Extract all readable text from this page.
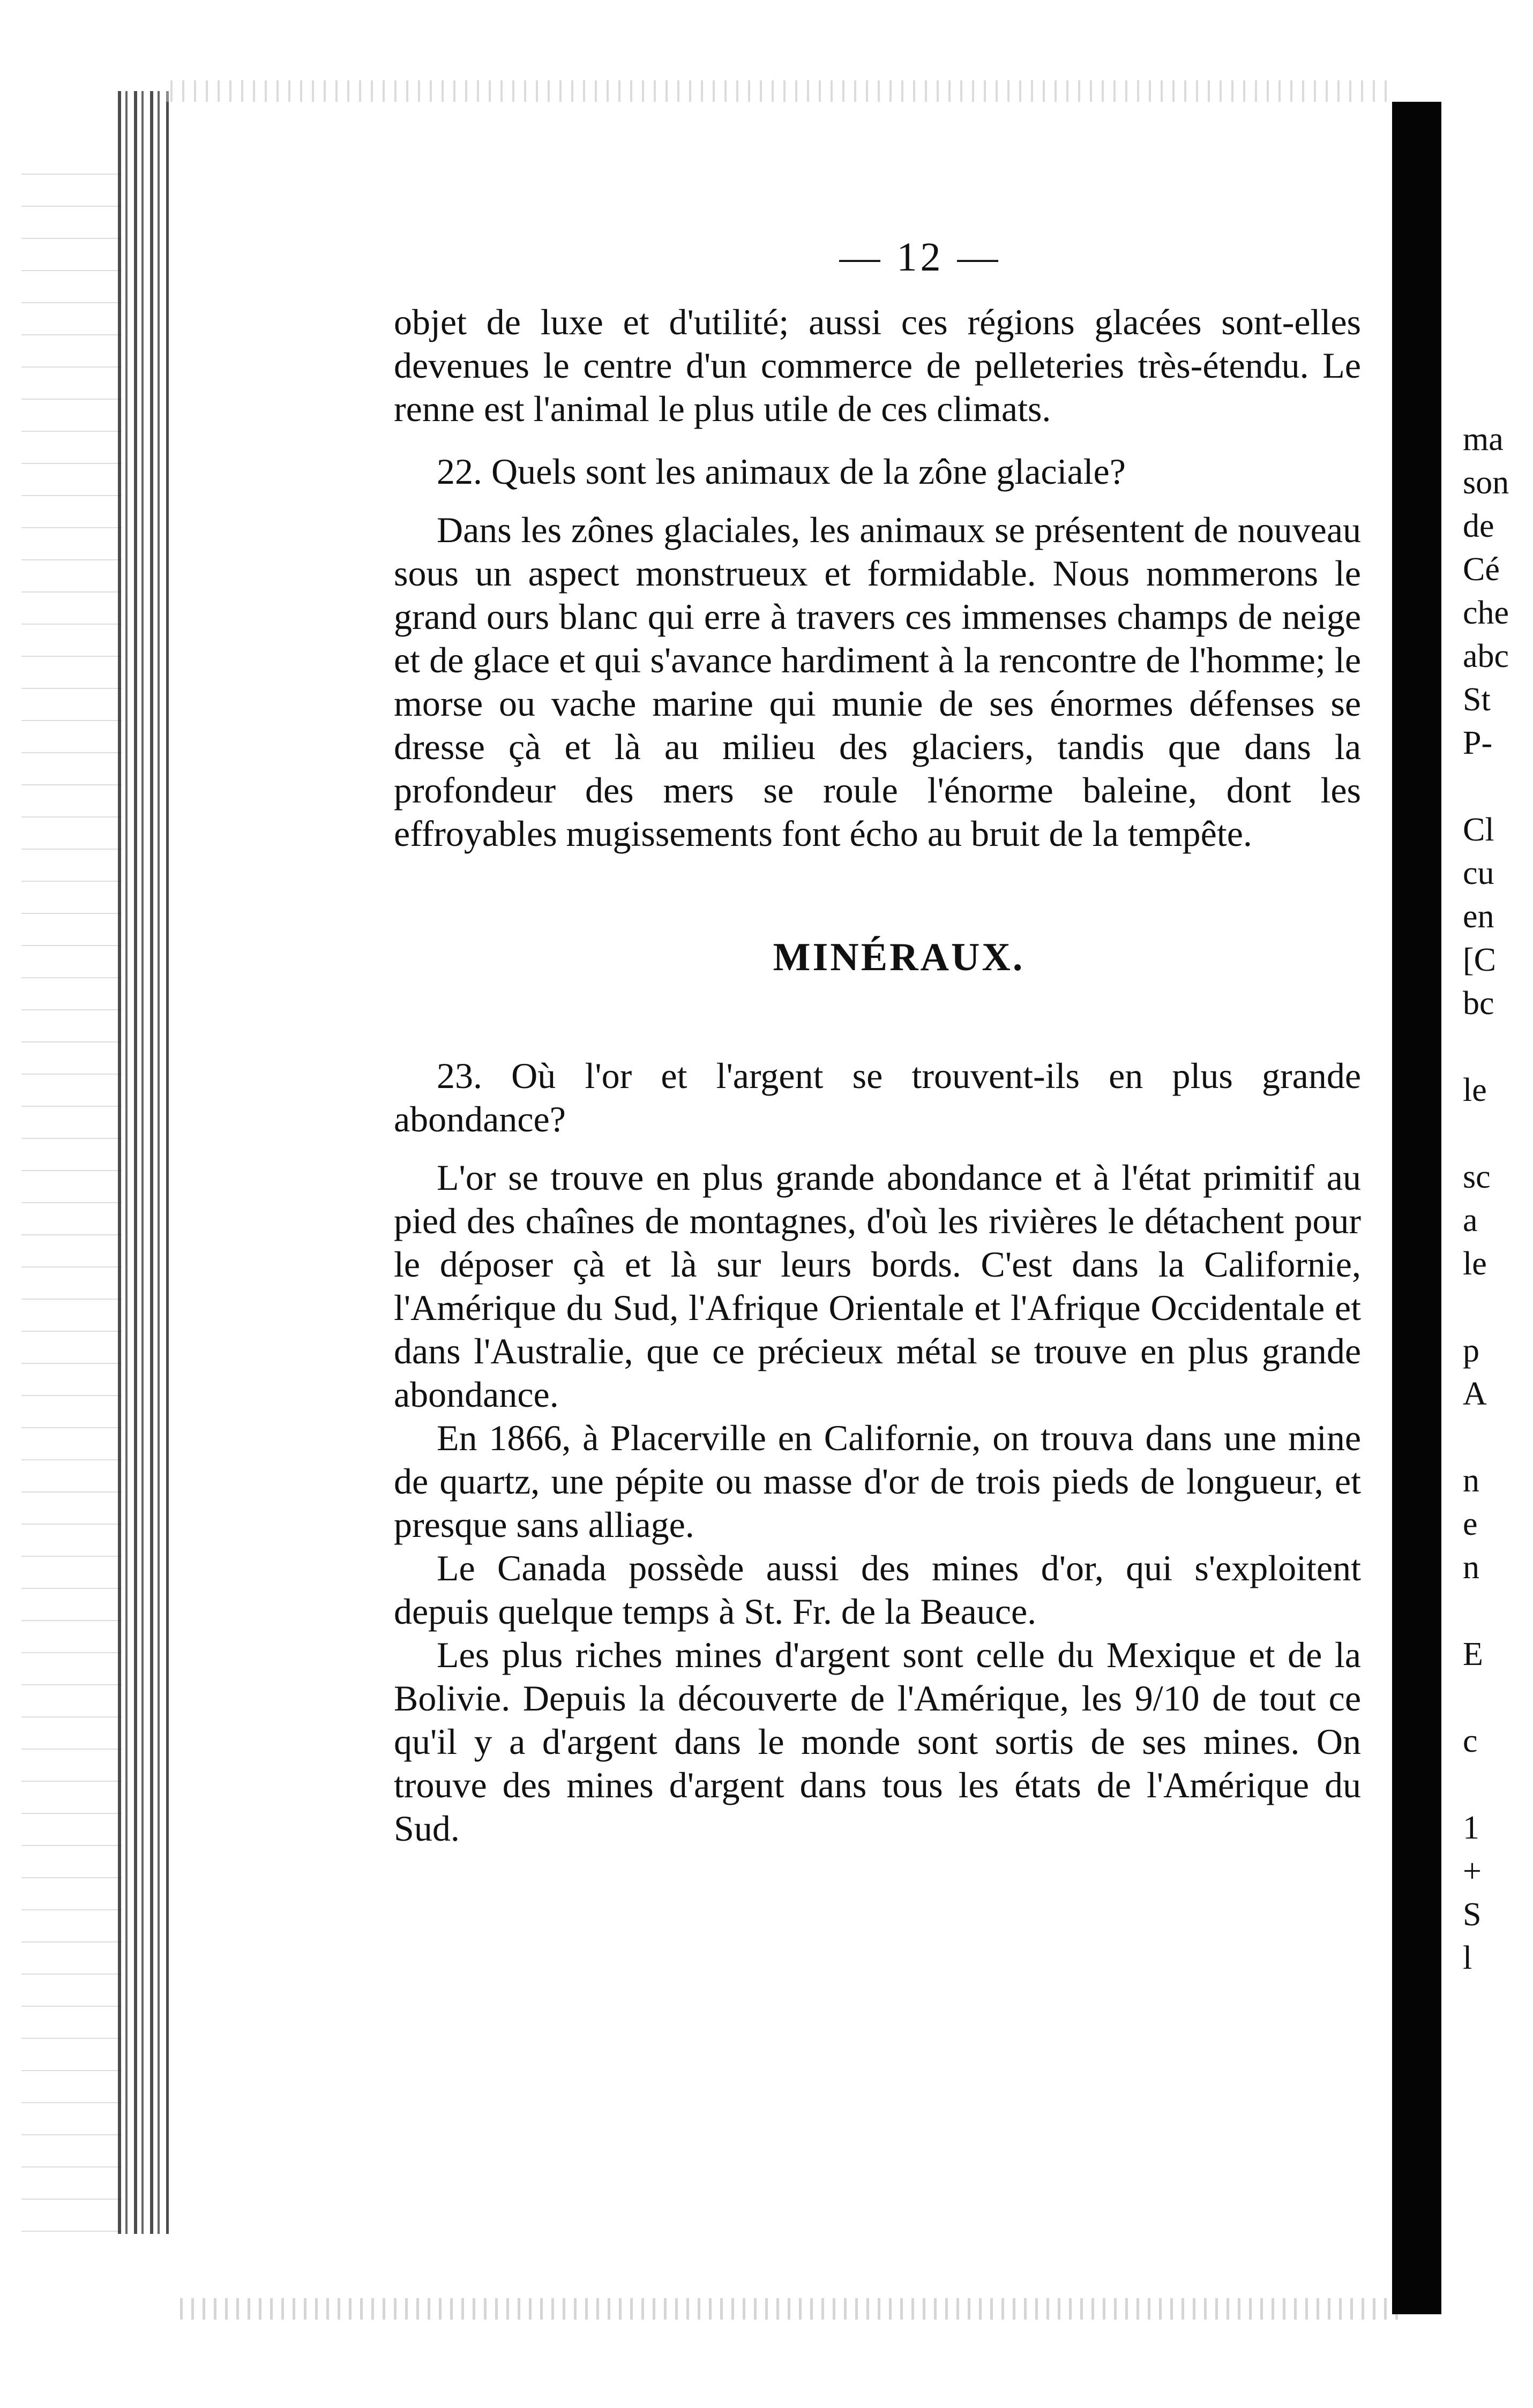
— 12 —

objet de luxe et d'utilité; aussi ces régions glacées sont-elles devenues le centre d'un commerce de pelleteries très-étendu. Le renne est l'animal le plus utile de ces climats.

22. Quels sont les animaux de la zône glaciale?

Dans les zônes glaciales, les animaux se présentent de nouveau sous un aspect monstrueux et formidable. Nous nommerons le grand ours blanc qui erre à travers ces immenses champs de neige et de glace et qui s'avance hardiment à la rencontre de l'homme; le morse ou vache marine qui munie de ses énormes défenses se dresse çà et là au milieu des glaciers, tandis que dans la profondeur des mers se roule l'énorme baleine, dont les effroyables mugissements font écho au bruit de la tempête.

MINÉRAUX.

23. Où l'or et l'argent se trouvent-ils en plus grande abondance?

L'or se trouve en plus grande abondance et à l'état primitif au pied des chaînes de montagnes, d'où les rivières le détachent pour le déposer çà et là sur leurs bords. C'est dans la Californie, l'Amérique du Sud, l'Afrique Orientale et l'Afrique Occidentale et dans l'Australie, que ce précieux métal se trouve en plus grande abondance.

En 1866, à Placerville en Californie, on trouva dans une mine de quartz, une pépite ou masse d'or de trois pieds de longueur, et presque sans alliage.

Le Canada possède aussi des mines d'or, qui s'exploitent depuis quelque temps à St. Fr. de la Beauce.

Les plus riches mines d'argent sont celle du Mexique et de la Bolivie. Depuis la découverte de l'Amérique, les 9/10 de tout ce qu'il y a d'argent dans le monde sont sortis de ses mines. On trouve des mines d'argent dans tous les états de l'Amérique du Sud.

ma
son
de
Cé
che
abc
St
P-
Cl
cu
en
[C
bc
le
sc
a
le
p
A
n
e
n
E
c
1
+
S
l
